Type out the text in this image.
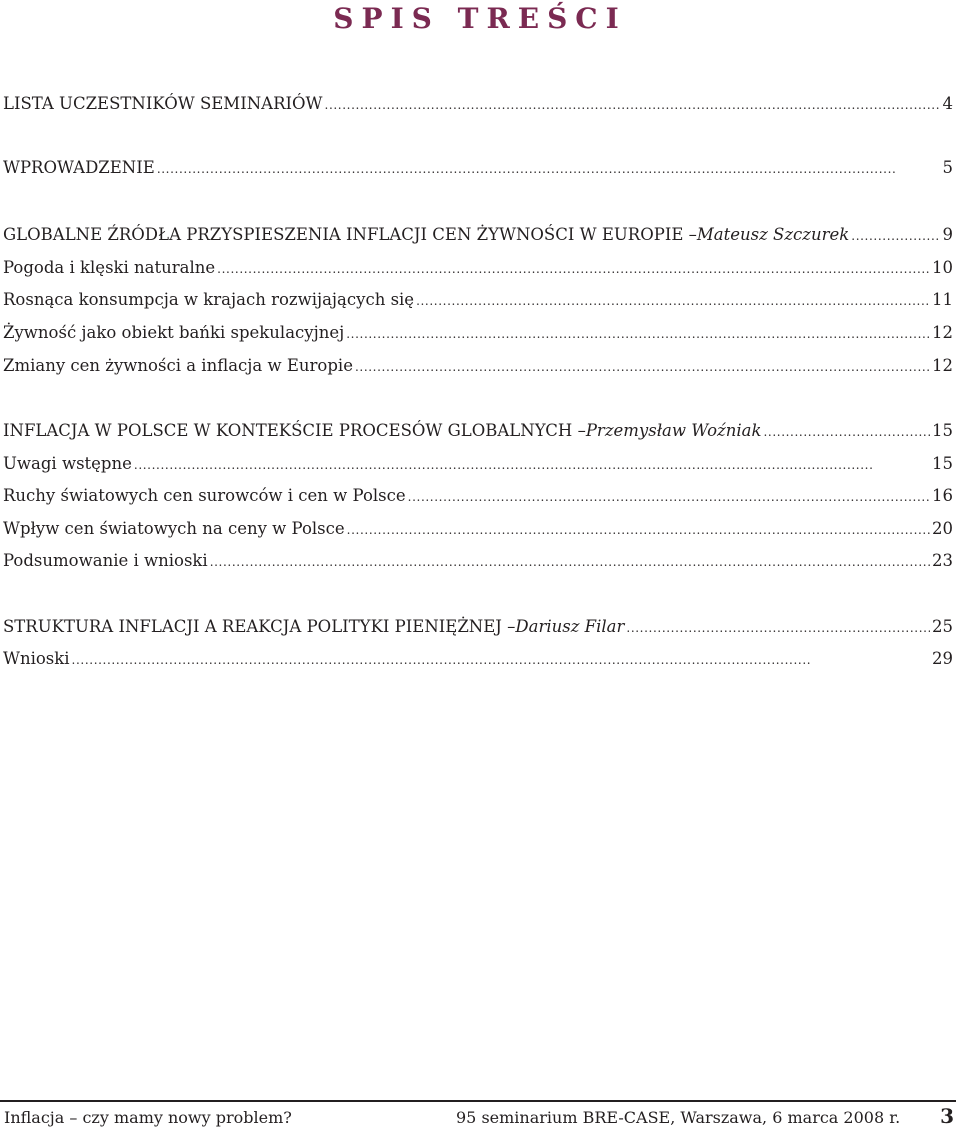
SPIS TREŚCI
LISTA UCZESTNIKÓW SEMINARIÓW . . .	4
WPROWADZENIE . . .	5
GLOBALNE ŹRÓDŁA PRZYSPIESZENIA INFLACJI CEN ŻYWNOŚCI W EUROPIE – Mateusz Szczurek . . .	9
Pogoda i klęski naturalne . . .	10
Rosnąca konsumpcja w krajach rozwijających się . . .	11
Żywność jako obiekt bańki spekulacyjnej . . .	12
Zmiany cen żywności a inflacja w Europie . . .	12
INFLACJA W POLSCE W KONTEKŚCIE PROCESÓW GLOBALNYCH – Przemysław Woźniak . . .	15
Uwagi wstępne . . .	15
Ruchy światowych cen surowców i cen w Polsce . . .	16
Wpływ cen światowych na ceny w Polsce . . .	20
Podsumowanie i wnioski . . .	23
STRUKTURA INFLACJI A REAKCJA POLITYKI PIENIĘŻNEJ – Dariusz Filar . . .	25
Wnioski . . .	29
Inflacja – czy mamy nowy problem?	95 seminarium BRE-CASE, Warszawa, 6 marca 2008 r. 3
